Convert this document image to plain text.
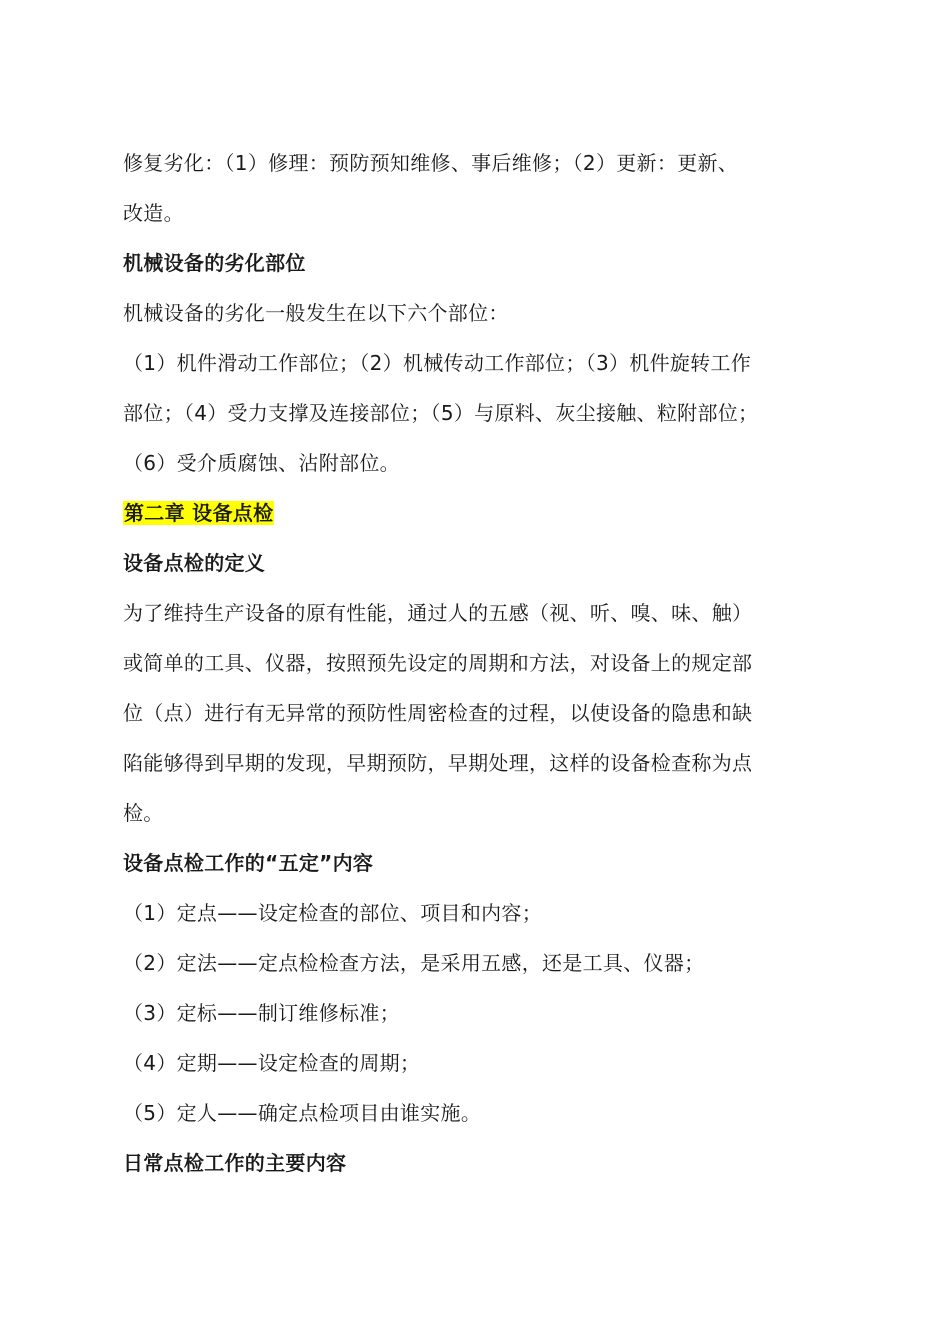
修复劣化：（1）修理：预防预知维修、事后维修；（2）更新：更新、
改造。
机械设备的劣化部位
机械设备的劣化一般发生在以下六个部位：
（1）机件滑动工作部位；（2）机械传动工作部位；（3）机件旋转工作
部位；（4）受力支撑及连接部位；（5）与原料、灰尘接触、粒附部位；
（6）受介质腐蚀、沾附部位。
第二章 设备点检
设备点检的定义
为了维持生产设备的原有性能，通过人的五感（视、听、嗅、味、触）
或简单的工具、仪器，按照预先设定的周期和方法，对设备上的规定部
位（点）进行有无异常的预防性周密检查的过程，以使设备的隐患和缺
陷能够得到早期的发现，早期预防，早期处理，这样的设备检查称为点
检。
设备点检工作的“五定”内容
（1）定点——设定检查的部位、项目和内容；
（2）定法——定点检检查方法，是采用五感，还是工具、仪器；
（3）定标——制订维修标准；
（4）定期——设定检查的周期；
（5）定人——确定点检项目由谁实施。
日常点检工作的主要内容
